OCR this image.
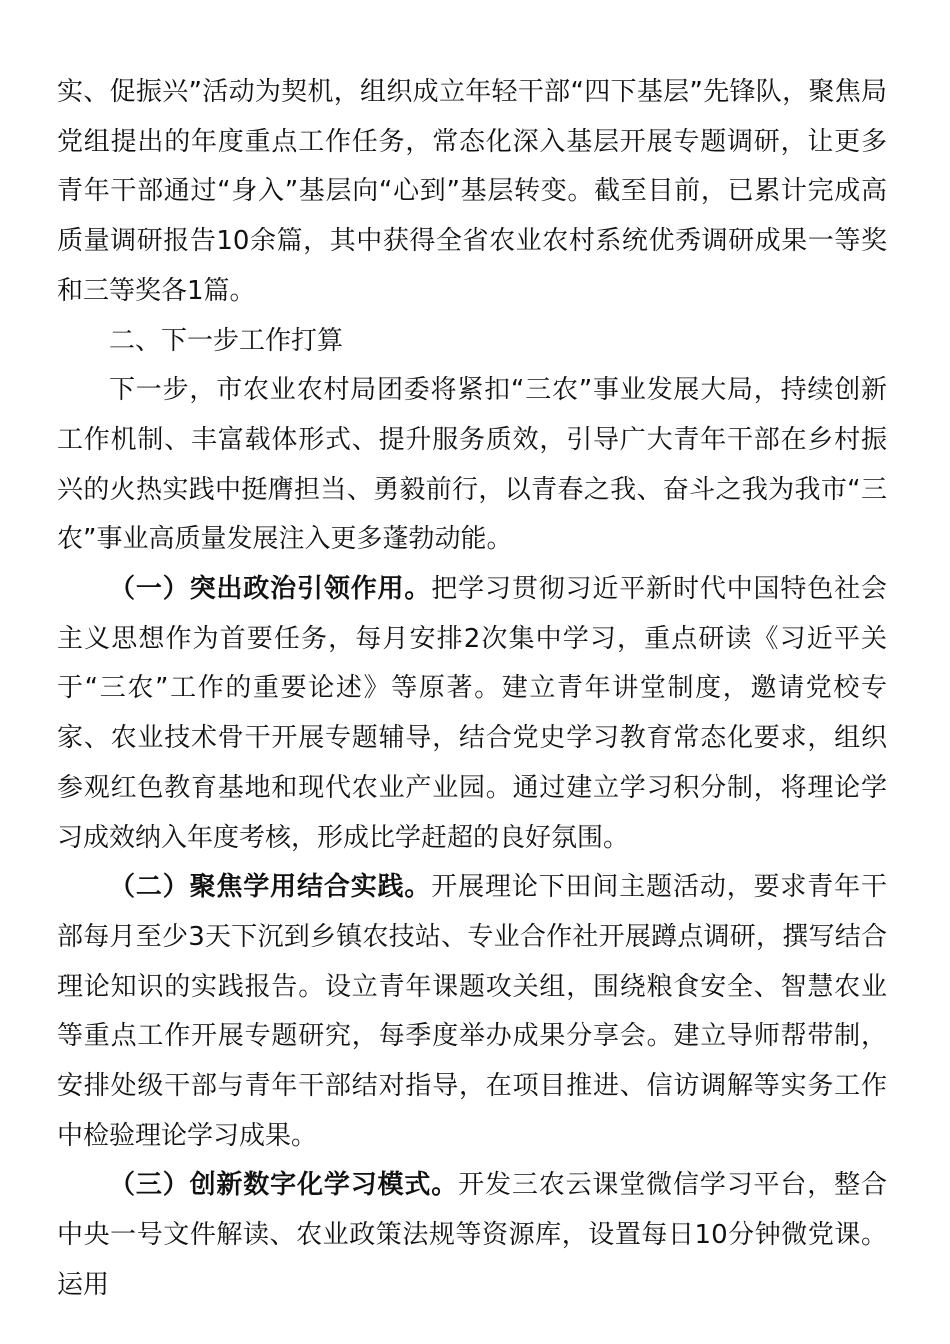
实、促振兴”活动为契机，组织成立年轻干部“四下基层”先锋队，聚焦局党组提出的年度重点工作任务，常态化深入基层开展专题调研，让更多青年干部通过“身入”基层向“心到”基层转变。截至目前，已累计完成高质量调研报告10余篇，其中获得全省农业农村系统优秀调研成果一等奖和三等奖各1篇。

二、下一步工作打算

下一步，市农业农村局团委将紧扣“三农”事业发展大局，持续创新工作机制、丰富载体形式、提升服务质效，引导广大青年干部在乡村振兴的火热实践中挺膺担当、勇毅前行，以青春之我、奋斗之我为我市“三农”事业高质量发展注入更多蓬勃动能。

（一）突出政治引领作用。把学习贯彻习近平新时代中国特色社会主义思想作为首要任务，每月安排2次集中学习，重点研读《习近平关于“三农”工作的重要论述》等原著。建立青年讲堂制度，邀请党校专家、农业技术骨干开展专题辅导，结合党史学习教育常态化要求，组织参观红色教育基地和现代农业产业园。通过建立学习积分制，将理论学习成效纳入年度考核，形成比学赶超的良好氛围。

（二）聚焦学用结合实践。开展理论下田间主题活动，要求青年干部每月至少3天下沉到乡镇农技站、专业合作社开展蹲点调研，撰写结合理论知识的实践报告。设立青年课题攻关组，围绕粮食安全、智慧农业等重点工作开展专题研究，每季度举办成果分享会。建立导师帮带制，安排处级干部与青年干部结对指导，在项目推进、信访调解等实务工作中检验理论学习成果。

（三）创新数字化学习模式。开发三农云课堂微信学习平台，整合中央一号文件解读、农业政策法规等资源库，设置每日10分钟微党课。运用
